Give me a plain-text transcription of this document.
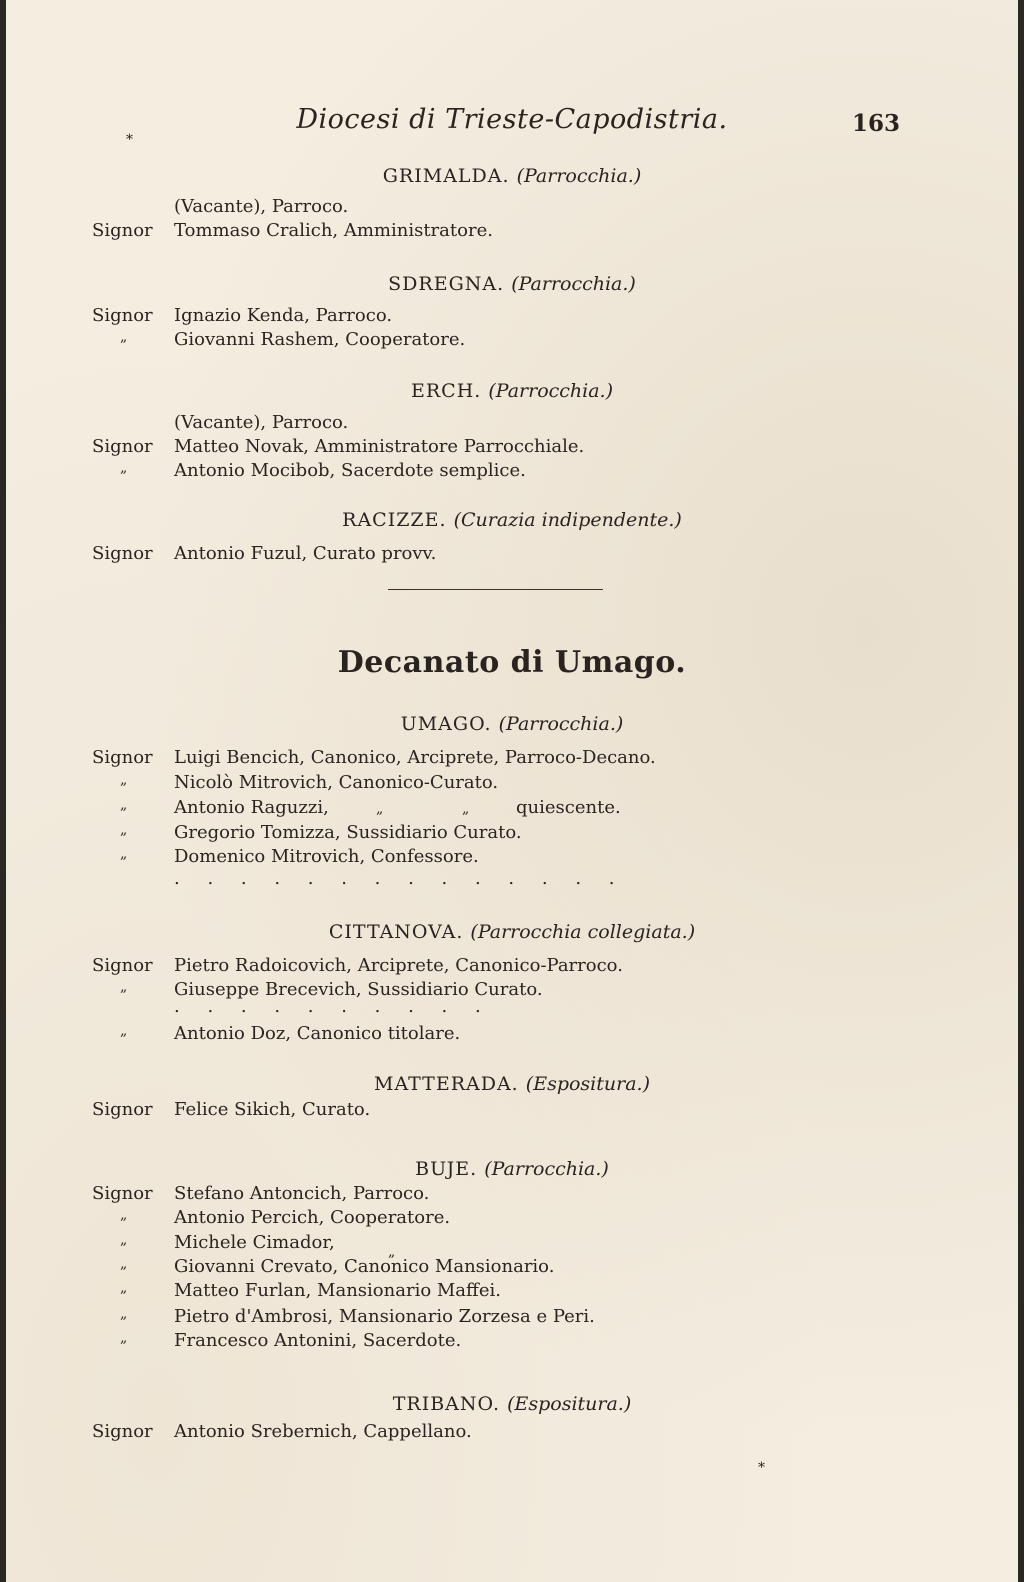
Diocesi di Trieste-Capodistria.	163
*
GRIMALDA. (Parrocchia.)
(Vacante), Parroco.
Signor Tommaso Cralich, Amministratore.
SDREGNA. (Parrocchia.)
Signor Ignazio Kenda, Parroco.
„	Giovanni Rashem, Cooperatore.
ERCH. (Parrocchia.)
(Vacante), Parroco.
Signor Matteo Novak, Amministratore Parrocchiale.
„	Antonio Mocibob, Sacerdote semplice.
RACIZZE. (Curazia indipendente.)
Signor Antonio Fuzul, Curato provv.
Decanato di Umago.
UMAGO. (Parrocchia.)
Signor Luigi Bencich, Canonico, Arciprete, Parroco-Decano.
„	Nicolò Mitrovich, Canonico-Curato.
„	Antonio Raguzzi,	„	„	quiescente.
„	Gregorio Tomizza, Sussidiario Curato.
„	Domenico Mitrovich, Confessore.
. . . . . . . . . . . . . .
CITTANOVA. (Parrocchia collegiata.)
Signor Pietro Radoicovich, Arciprete, Canonico-Parroco.
„	Giuseppe Brecevich, Sussidiario Curato.
. . . . . . . . . .
„	Antonio Doz, Canonico titolare.
MATTERADA. (Espositura.)
Signor Felice Sikich, Curato.
BUJE. (Parrocchia.)
Signor Stefano Antoncich, Parroco.
„	Antonio Percich, Cooperatore.
„	Michele Cimador,	„
„	Giovanni Crevato, Canonico Mansionario.
„	Matteo Furlan, Mansionario Maffei.
„	Pietro d'Ambrosi, Mansionario Zorzesa e Peri.
„	Francesco Antonini, Sacerdote.
TRIBANO. (Espositura.)
Signor Antonio Srebernich, Cappellano.
*
